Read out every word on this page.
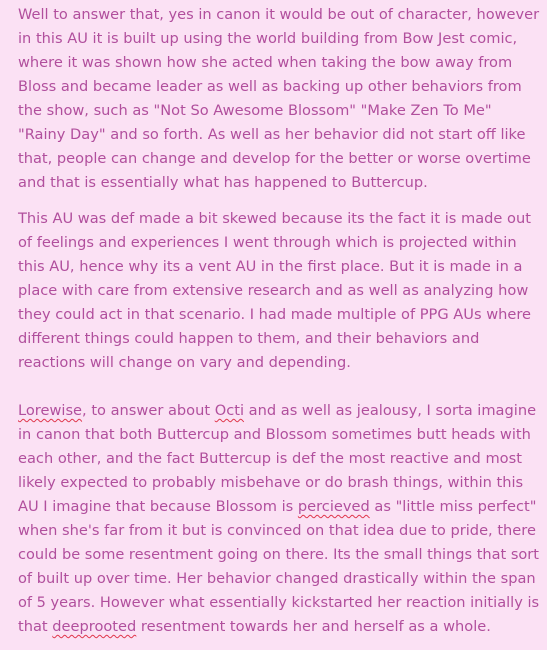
Well to answer that, yes in canon it would be out of character, however
in this AU it is built up using the world building from Bow Jest comic,
where it was shown how she acted when taking the bow away from
Bloss and became leader as well as backing up other behaviors from
the show, such as "Not So Awesome Blossom" "Make Zen To Me"
"Rainy Day" and so forth. As well as her behavior did not start off like
that, people can change and develop for the better or worse overtime
and that is essentially what has happened to Buttercup.

This AU was def made a bit skewed because its the fact it is made out
of feelings and experiences I went through which is projected within
this AU, hence why its a vent AU in the first place. But it is made in a
place with care from extensive research and as well as analyzing how
they could act in that scenario. I had made multiple of PPG AUs where
different things could happen to them, and their behaviors and
reactions will change on vary and depending.

Lorewise, to answer about Octi and as well as jealousy, I sorta imagine
in canon that both Buttercup and Blossom sometimes butt heads with
each other, and the fact Buttercup is def the most reactive and most
likely expected to probably misbehave or do brash things, within this
AU I imagine that because Blossom is percieved as "little miss perfect"
when she's far from it but is convinced on that idea due to pride, there
could be some resentment going on there. Its the small things that sort
of built up over time. Her behavior changed drastically within the span
of 5 years. However what essentially kickstarted her reaction initially is
that deeprooted resentment towards her and herself as a whole.
